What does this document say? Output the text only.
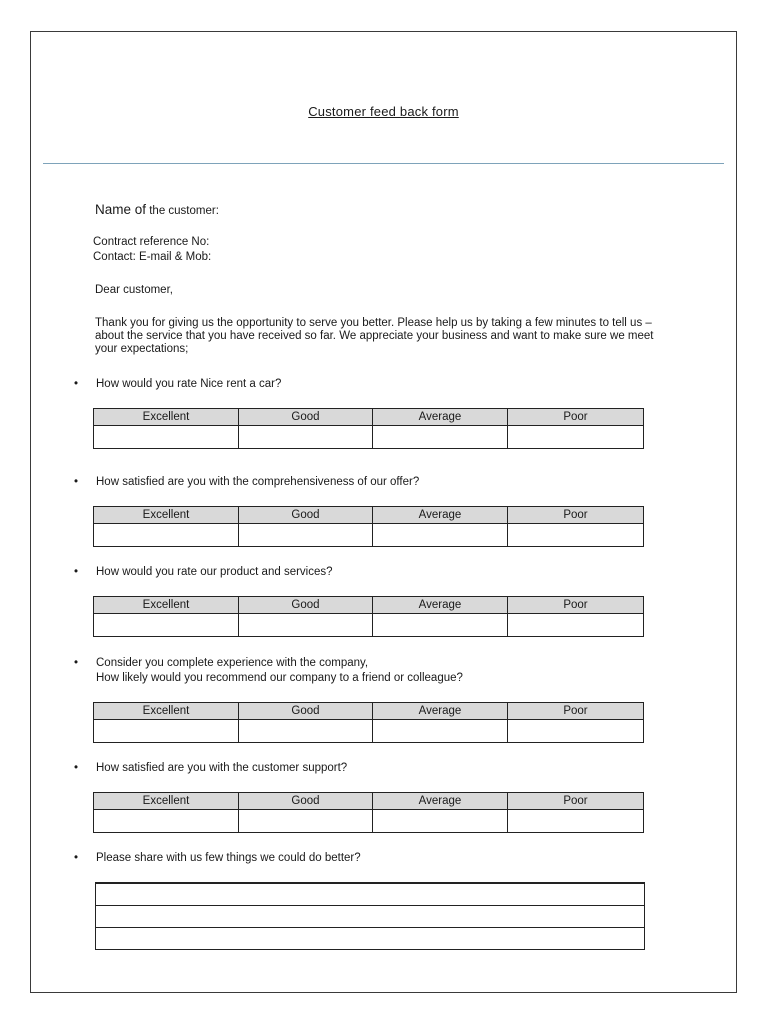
Customer feed back form

Name of the customer:

Contract reference No:

Contact: E-mail & Mob:

Dear customer,

Thank you for giving us the opportunity to serve you better. Please help us by taking a few minutes to tell us – about the service that you have received so far. We appreciate your business and want to make sure we meet your expectations;

• How would you rate Nice rent a car?
Excellent	Good	Average	Poor

• How satisfied are you with the comprehensiveness of our offer?
Excellent	Good	Average	Poor

• How would you rate our product and services?
Excellent	Good	Average	Poor

• Consider you complete experience with the company,
How likely would you recommend our company to a friend or colleague?
Excellent	Good	Average	Poor

• How satisfied are you with the customer support?
Excellent	Good	Average	Poor

• Please share with us few things we could do better?
